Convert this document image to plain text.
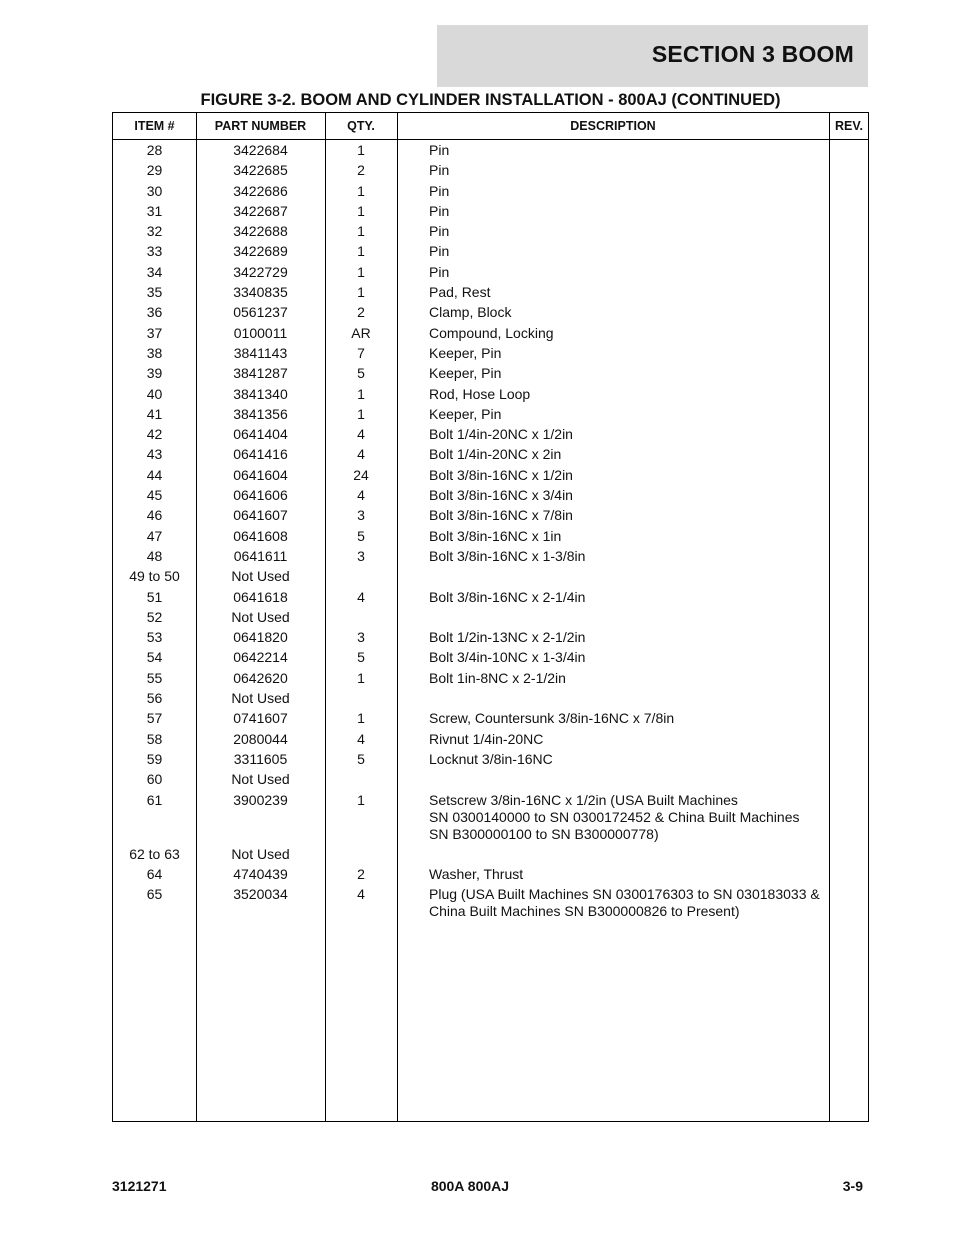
SECTION 3 BOOM
FIGURE 3-2. BOOM AND CYLINDER INSTALLATION - 800AJ (CONTINUED)
ITEM #	PART NUMBER	QTY.	DESCRIPTION	REV.
28	3422684	1	Pin
29	3422685	2	Pin
30	3422686	1	Pin
31	3422687	1	Pin
32	3422688	1	Pin
33	3422689	1	Pin
34	3422729	1	Pin
35	3340835	1	Pad, Rest
36	0561237	2	Clamp, Block
37	0100011	AR	Compound, Locking
38	3841143	7	Keeper, Pin
39	3841287	5	Keeper, Pin
40	3841340	1	Rod, Hose Loop
41	3841356	1	Keeper, Pin
42	0641404	4	Bolt 1/4in-20NC x 1/2in
43	0641416	4	Bolt 1/4in-20NC x 2in
44	0641604	24	Bolt 3/8in-16NC x 1/2in
45	0641606	4	Bolt 3/8in-16NC x 3/4in
46	0641607	3	Bolt 3/8in-16NC x 7/8in
47	0641608	5	Bolt 3/8in-16NC x 1in
48	0641611	3	Bolt 3/8in-16NC x 1-3/8in
49 to 50	Not Used
51	0641618	4	Bolt 3/8in-16NC x 2-1/4in
52	Not Used
53	0641820	3	Bolt 1/2in-13NC x 2-1/2in
54	0642214	5	Bolt 3/4in-10NC x 1-3/4in
55	0642620	1	Bolt 1in-8NC x 2-1/2in
56	Not Used
57	0741607	1	Screw, Countersunk 3/8in-16NC x 7/8in
58	2080044	4	Rivnut 1/4in-20NC
59	3311605	5	Locknut 3/8in-16NC
60	Not Used
61	3900239	1	Setscrew 3/8in-16NC x 1/2in (USA Built Machines
SN 0300140000 to SN 0300172452 & China Built Machines
SN B300000100 to SN B300000778)
62 to 63	Not Used
64	4740439	2	Washer, Thrust
65	3520034	4	Plug (USA Built Machines SN 0300176303 to SN 030183033 &
China Built Machines SN B300000826 to Present)
3121271	800A 800AJ	3-9
